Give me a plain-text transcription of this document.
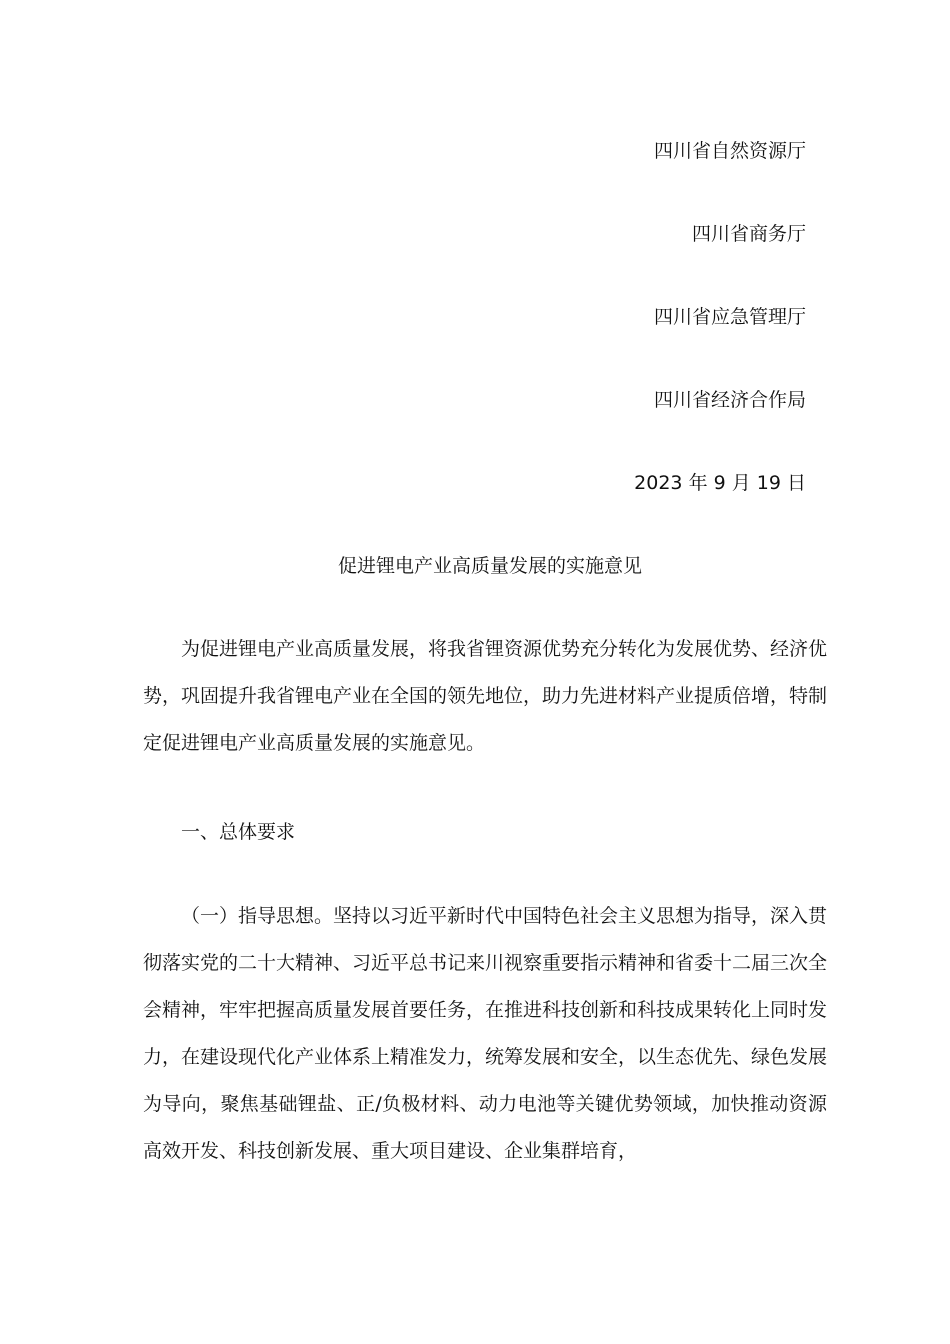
四川省自然资源厅
四川省商务厅
四川省应急管理厅
四川省经济合作局
2023 年 9 月 19 日
促进锂电产业高质量发展的实施意见

为促进锂电产业高质量发展，将我省锂资源优势充分转化为发展优势、经济优势，巩固提升我省锂电产业在全国的领先地位，助力先进材料产业提质倍增，特制定促进锂电产业高质量发展的实施意见。

一、总体要求

（一）指导思想。坚持以习近平新时代中国特色社会主义思想为指导，深入贯彻落实党的二十大精神、习近平总书记来川视察重要指示精神和省委十二届三次全会精神，牢牢把握高质量发展首要任务，在推进科技创新和科技成果转化上同时发力，在建设现代化产业体系上精准发力，统筹发展和安全，以生态优先、绿色发展为导向，聚焦基础锂盐、正/负极材料、动力电池等关键优势领域，加快推动资源高效开发、科技创新发展、重大项目建设、企业集群培育，
